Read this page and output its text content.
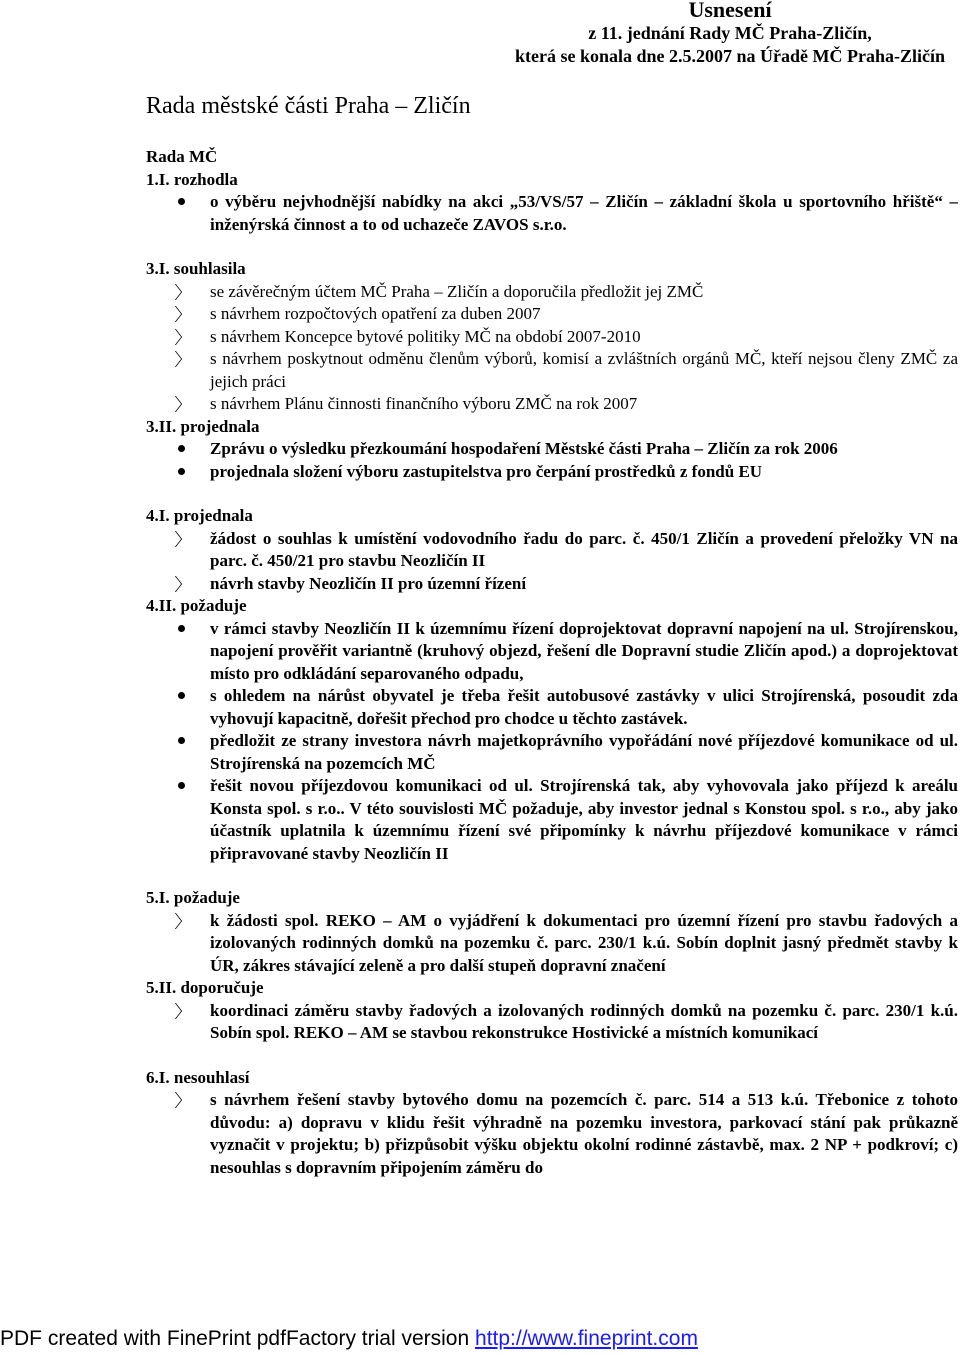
Usnesení
z 11. jednání Rady MČ Praha-Zličín,
která se konala dne 2.5.2007 na Úřadě MČ Praha-Zličín
Rada městské části Praha – Zličín
Rada MČ
1.I. rozhodla
o výběru nejvhodnější nabídky na akci „53/VS/57 – Zličín – základní škola u sportovního hřiště“ – inženýrská činnost a to od uchazeče ZAVOS s.r.o.
3.I. souhlasila
se závěrečným účtem MČ Praha – Zličín a doporučila předložit jej ZMČ
s návrhem rozpočtových opatření za duben 2007
s návrhem Koncepce bytové politiky MČ na období 2007-2010
s návrhem poskytnout odměnu členům výborů, komisí a zvláštních orgánů MČ, kteří nejsou členy ZMČ za jejich práci
s návrhem Plánu činnosti finančního výboru ZMČ na rok 2007
3.II. projednala
Zprávu o výsledku přezkoumání hospodaření Městské části Praha – Zličín za rok 2006
projednala složení výboru zastupitelstva pro čerpání prostředků z fondů EU
4.I. projednala
žádost o souhlas k umístění vodovodního řadu do parc. č. 450/1 Zličín a provedení přeložky VN na parc. č. 450/21 pro stavbu Neozličín II
návrh stavby Neozličín II pro územní řízení
4.II. požaduje
v rámci stavby Neozličín II k územnímu řízení doprojektovat dopravní napojení na ul. Strojírenskou, napojení prověřit variantně (kruhový objezd, řešení dle Dopravní studie Zličín apod.) a doprojektovat místo pro odkládání separovaného odpadu,
s ohledem na nárůst obyvatel je třeba řešit autobusové zastávky v ulici Strojírenská, posoudit zda vyhovují kapacitně, dořešit přechod pro chodce u těchto zastávek.
předložit ze strany investora návrh majetkoprávního vypořádání nové příjezdové komunikace od ul. Strojírenská na pozemcích MČ
řešit novou příjezdovou komunikaci od ul. Strojírenská tak, aby vyhovovala jako příjezd k areálu Konsta spol. s r.o.. V této souvislosti MČ požaduje, aby investor jednal s Konstou spol. s r.o., aby jako účastník uplatnila k územnímu řízení své připomínky k návrhu příjezdové komunikace v rámci připravované stavby Neozličín II
5.I. požaduje
k žádosti spol. REKO – AM o vyjádření k dokumentaci pro územní řízení pro stavbu řadových a izolovaných rodinných domků na pozemku č. parc. 230/1 k.ú. Sobín doplnit jasný předmět stavby k ÚR, zákres stávající zeleně a pro další stupeň dopravní značení
5.II. doporučuje
koordinaci záměru stavby řadových a izolovaných rodinných domků na pozemku č. parc. 230/1 k.ú. Sobín spol. REKO – AM se stavbou rekonstrukce Hostivické a místních komunikací
6.I. nesouhlasí
s návrhem řešení stavby bytového domu na pozemcích č. parc. 514 a 513 k.ú. Třebonice z tohoto důvodu: a) dopravu v klidu řešit výhradně na pozemku investora, parkovací stání pak průkazně vyznačit v projektu; b) přizpůsobit výšku objektu okolní rodinné zástavbě, max. 2 NP + podkroví; c) nesouhlas s dopravním připojením záměru do
PDF created with FinePrint pdfFactory trial version http://www.fineprint.com
